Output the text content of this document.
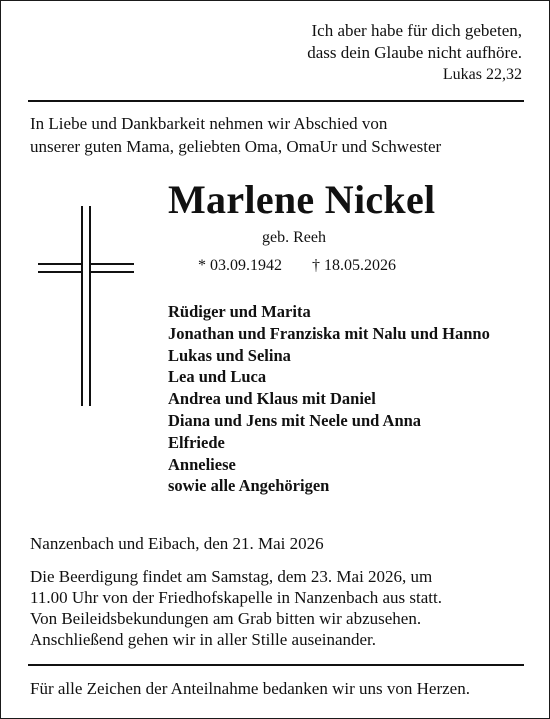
Ich aber habe für dich gebeten,
dass dein Glaube nicht aufhöre.
Lukas 22,32
In Liebe und Dankbarkeit nehmen wir Abschied von
unserer guten Mama, geliebten Oma, OmaUr und Schwester
Marlene Nickel
geb. Reeh
* 03.09.1942 † 18.05.2026
Rüdiger und Marita
Jonathan und Franziska mit Nalu und Hanno
Lukas und Selina
Lea und Luca
Andrea und Klaus mit Daniel
Diana und Jens mit Neele und Anna
Elfriede
Anneliese
sowie alle Angehörigen
Nanzenbach und Eibach, den 21. Mai 2026

Die Beerdigung findet am Samstag, dem 23. Mai 2026, um

11.00 Uhr von der Friedhofskapelle in Nanzenbach aus statt.

Von Beileidsbekundungen am Grab bitten wir abzusehen.

Anschließend gehen wir in aller Stille auseinander.

Für alle Zeichen der Anteilnahme bedanken wir uns von Herzen.
